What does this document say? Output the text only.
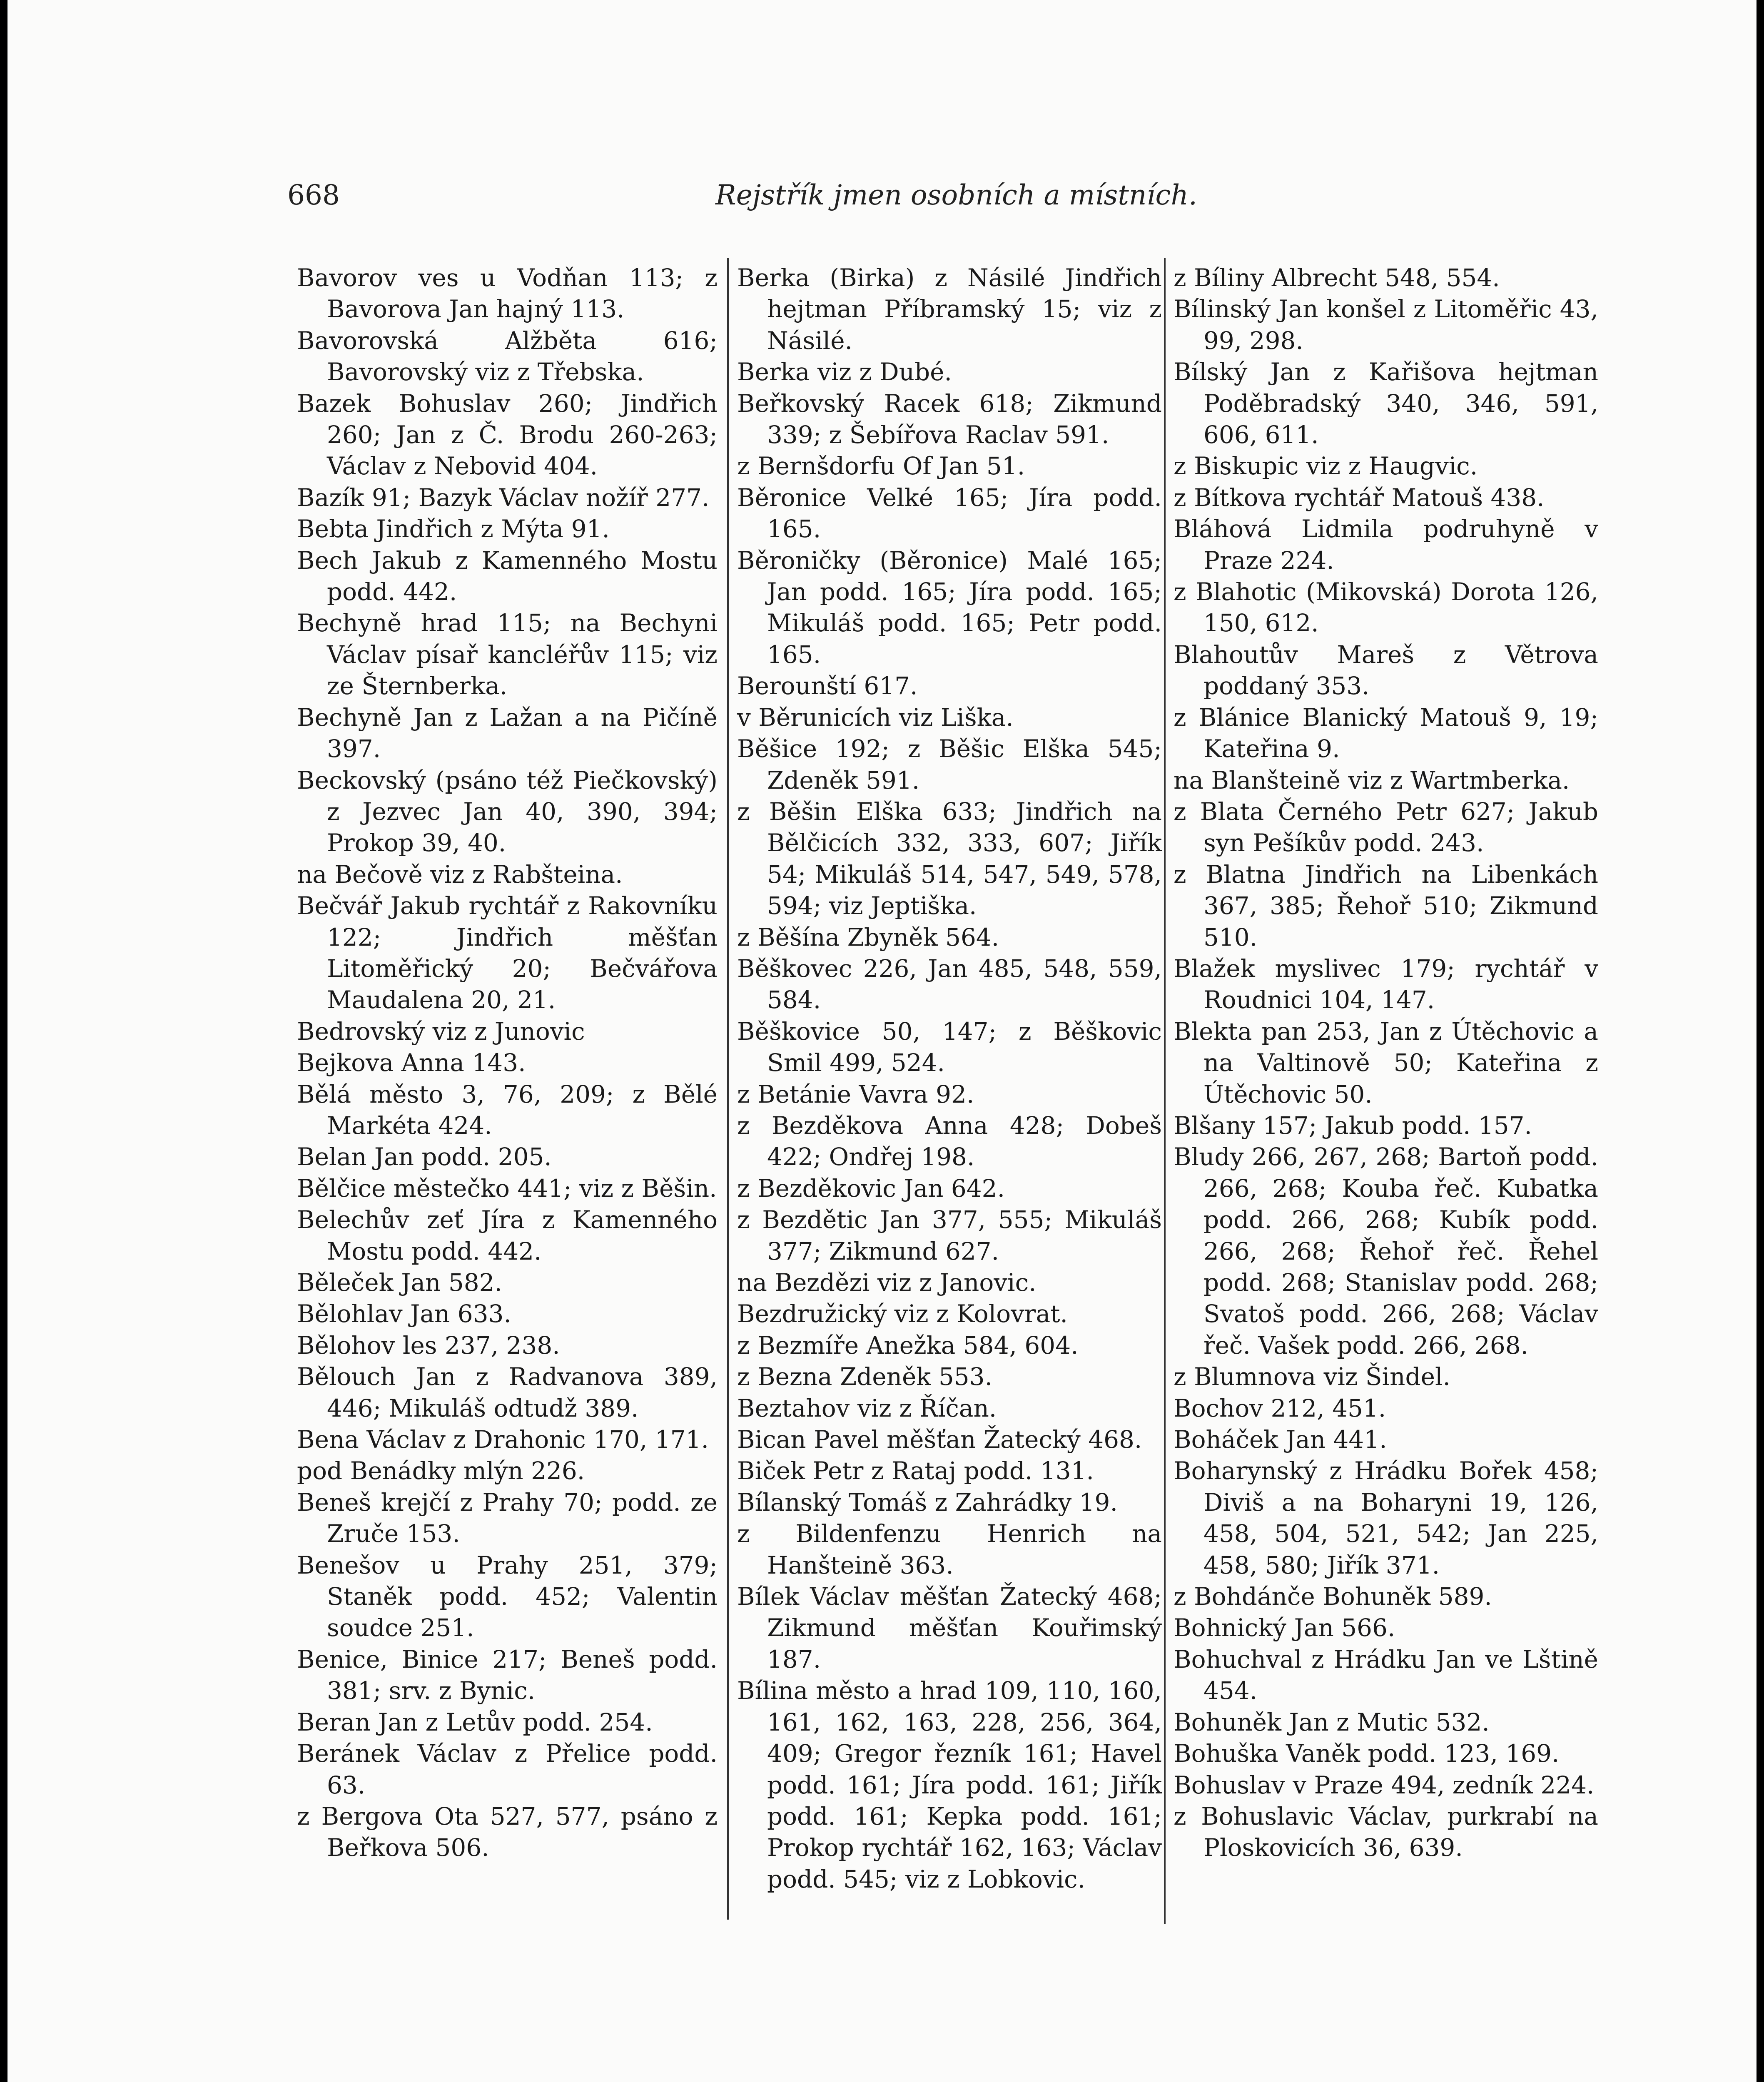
668	Rejstřík jmen osobních a místních.

Bavorov ves u Vodňan 113; z Bavorova Jan hajný 113.

Bavorovská Alžběta 616; Bavorovský viz z Třebska.

Bazek Bohuslav 260; Jindřich 260; Jan z Č. Brodu 260-263; Václav z Nebovid 404.

Bazík 91; Bazyk Václav nožíř 277.

Bebta Jindřich z Mýta 91.

Bech Jakub z Kamenného Mostu podd. 442.

Bechyně hrad 115; na Bechyni Václav písař kancléřův 115; viz ze Šternberka.

Bechyně Jan z Lažan a na Pičíně 397.

Beckovský (psáno též Piečkovský) z Jezvec Jan 40, 390, 394; Prokop 39, 40.

na Bečově viz z Rabšteina.

Bečvář Jakub rychtář z Rakovníku 122; Jindřich měšťan Litoměřický 20; Bečvářova Maudalena 20, 21.

Bedrovský viz z Junovic

Bejkova Anna 143.

Bělá město 3, 76, 209; z Bělé Markéta 424.

Belan Jan podd. 205.

Bělčice městečko 441; viz z Běšin.

Belechův zeť Jíra z Kamenného Mostu podd. 442.

Běleček Jan 582.

Bělohlav Jan 633.

Bělohov les 237, 238.

Bělouch Jan z Radvanova 389, 446; Mikuláš odtudž 389.

Bena Václav z Drahonic 170, 171.

pod Benádky mlýn 226.

Beneš krejčí z Prahy 70; podd. ze Zruče 153.

Benešov u Prahy 251, 379; Staněk podd. 452; Valentin soudce 251.

Benice, Binice 217; Beneš podd. 381; srv. z Bynic.

Beran Jan z Letův podd. 254.

Beránek Václav z Přelice podd. 63.

z Bergova Ota 527, 577, psáno z Beřkova 506.

Berka (Birka) z Násilé Jindřich hejtman Příbramský 15; viz z Násilé.

Berka viz z Dubé.

Beřkovský Racek 618; Zikmund 339; z Šebířova Raclav 591.

z Bernšdorfu Of Jan 51.

Běronice Velké 165; Jíra podd. 165.

Běroničky (Běronice) Malé 165; Jan podd. 165; Jíra podd. 165; Mikuláš podd. 165; Petr podd. 165.

Berounští 617.

v Běrunicích viz Liška.

Běšice 192; z Běšic Elška 545; Zdeněk 591.

z Běšin Elška 633; Jindřich na Bělčicích 332, 333, 607; Jiřík 54; Mikuláš 514, 547, 549, 578, 594; viz Jeptiška.

z Běšína Zbyněk 564.

Běškovec 226, Jan 485, 548, 559, 584.

Běškovice 50, 147; z Běškovic Smil 499, 524.

z Betánie Vavra 92.

z Bezděkova Anna 428; Dobeš 422; Ondřej 198.

z Bezděkovic Jan 642.

z Bezdětic Jan 377, 555; Mikuláš 377; Zikmund 627.

na Bezdězi viz z Janovic.

Bezdružický viz z Kolovrat.

z Bezmíře Anežka 584, 604.

z Bezna Zdeněk 553.

Beztahov viz z Říčan.

Bican Pavel měšťan Žatecký 468.

Biček Petr z Rataj podd. 131.

Bílanský Tomáš z Zahrádky 19.

z Bildenfenzu Henrich na Hanšteině 363.

Bílek Václav měšťan Žatecký 468; Zikmund měšťan Kouřimský 187.

Bílina město a hrad 109, 110, 160, 161, 162, 163, 228, 256, 364, 409; Gregor řezník 161; Havel podd. 161; Jíra podd. 161; Jiřík podd. 161; Kepka podd. 161; Prokop rychtář 162, 163; Václav podd. 545; viz z Lobkovic.

z Bíliny Albrecht 548, 554.

Bílinský Jan konšel z Litoměřic 43, 99, 298.

Bílský Jan z Kařišova hejtman Poděbradský 340, 346, 591, 606, 611.

z Biskupic viz z Haugvic.

z Bítkova rychtář Matouš 438.

Bláhová Lidmila podruhyně v Praze 224.

z Blahotic (Mikovská) Dorota 126, 150, 612.

Blahoutův Mareš z Větrova poddaný 353.

z Blánice Blanický Matouš 9, 19; Kateřina 9.

na Blanšteině viz z Wartmberka.

z Blata Černého Petr 627; Jakub syn Pešíkův podd. 243.

z Blatna Jindřich na Libenkách 367, 385; Řehoř 510; Zikmund 510.

Blažek myslivec 179; rychtář v Roudnici 104, 147.

Blekta pan 253, Jan z Útěchovic a na Valtinově 50; Kateřina z Útěchovic 50.

Blšany 157; Jakub podd. 157.

Bludy 266, 267, 268; Bartoň podd. 266, 268; Kouba řeč. Kubatka podd. 266, 268; Kubík podd. 266, 268; Řehoř řeč. Řehel podd. 268; Stanislav podd. 268; Svatoš podd. 266, 268; Václav řeč. Vašek podd. 266, 268.

z Blumnova viz Šindel.

Bochov 212, 451.

Boháček Jan 441.

Boharynský z Hrádku Bořek 458; Diviš a na Boharyni 19, 126, 458, 504, 521, 542; Jan 225, 458, 580; Jiřík 371.

z Bohdánče Bohuněk 589.

Bohnický Jan 566.

Bohuchval z Hrádku Jan ve Lštině 454.

Bohuněk Jan z Mutic 532.

Bohuška Vaněk podd. 123, 169.

Bohuslav v Praze 494, zedník 224.

z Bohuslavic Václav, purkrabí na Ploskovicích 36, 639.
